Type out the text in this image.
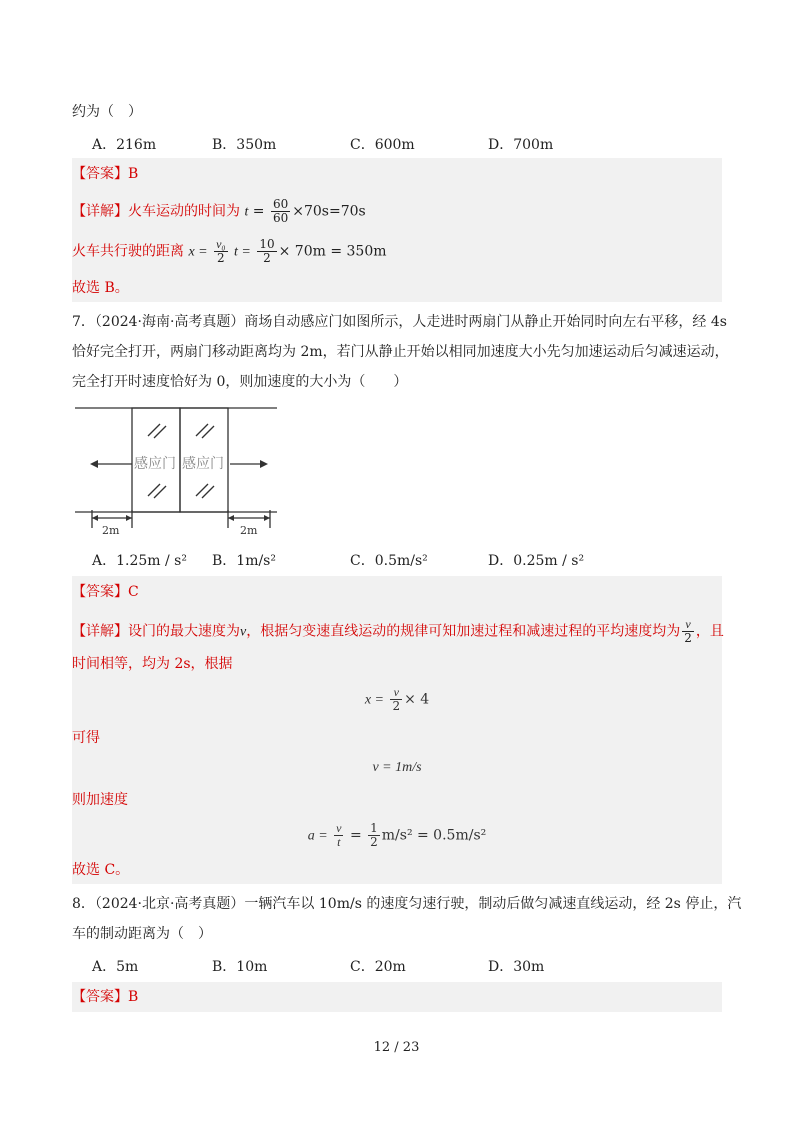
约为（　）
A．216m	B．350m	C．600m	D．700m
【答案】B
【详解】火车运动的时间为 $t = \frac{60}{60} \times 70s=70s$
火车共行驶的距离 $x = \frac{\text{v₀}}{2}$ $t = \frac{10}{2} \times 70m = 350m$
故选 B。
7．（2024·海南·高考真题）商场自动感应门如图所示，人走进时两扇门从静止开始同时向左右平移，经 4s
恰好完全打开，两扇门移动距离均为 2m，若门从静止开始以相同加速度大小先匀加速运动后匀减速运动，
完全打开时速度恰好为 0，则加速度的大小为（　　）
感应门 感应门
2m	2m
A．1.25m / s² B．1m/s²	C．0.5m/s²	D．0.25m / s²
【答案】C
【详解】设门的最大速度为v，根据匀变速直线运动的规律可知加速过程和减速过程的平均速度均为 $\frac{v}{2}$ ，且
时间相等，均为 2s，根据
$x = \frac{v}{2} \times 4$
可得
v = 1m/s
则加速度
$a = \frac{v}{t} = \frac{1}{2} m/s^2 = 0.5m/s^2$
故选 C。
8．（2024·北京·高考真题）一辆汽车以 10m/s 的速度匀速行驶，制动后做匀减速直线运动，经 2s 停止，汽
车的制动距离为（　）
A．5m	B．10m	C．20m	D．30m
【答案】B
12 / 23
